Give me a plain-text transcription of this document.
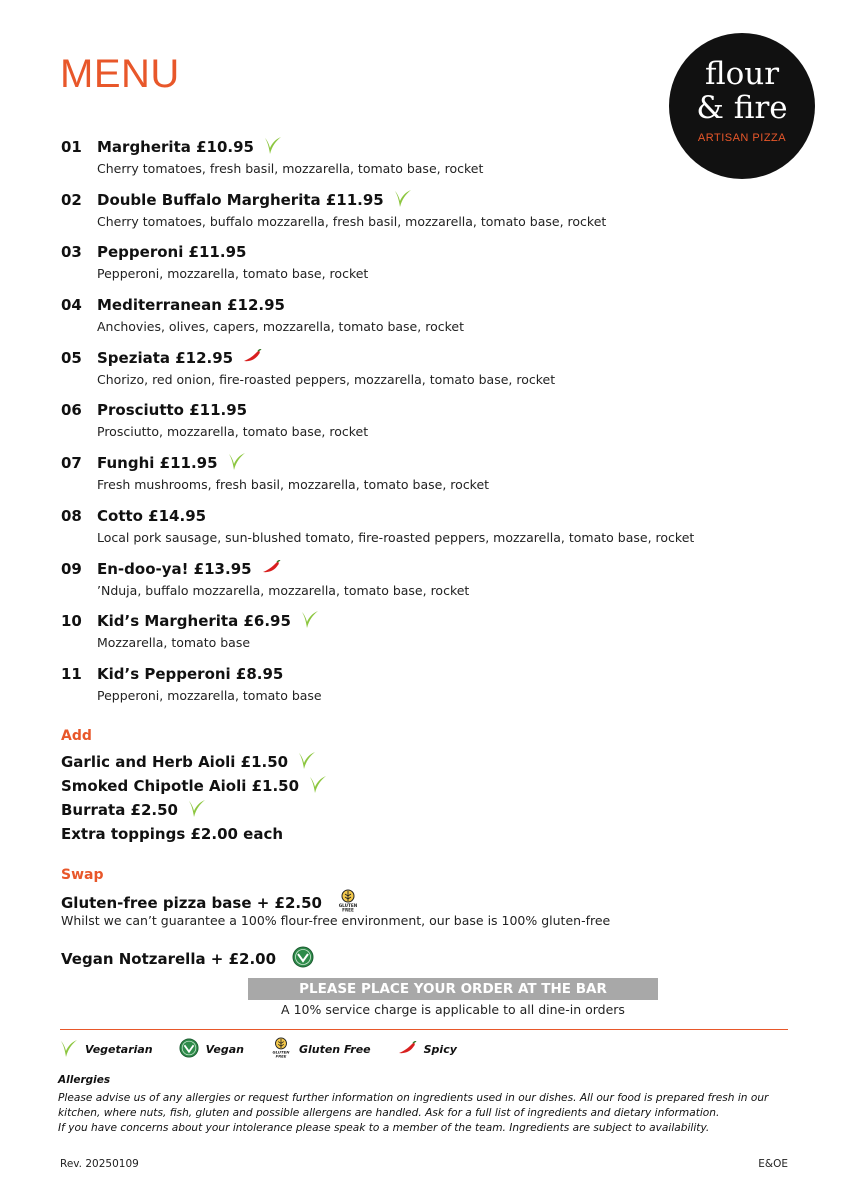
MENU	flour
& fire
ARTISAN PIZZA
01	Margherita £10.95
Cherry tomatoes, fresh basil, mozzarella, tomato base, rocket
02	Double Buffalo Margherita £11.95
Cherry tomatoes, buffalo mozzarella, fresh basil, mozzarella, tomato base, rocket
03	Pepperoni £11.95
Pepperoni, mozzarella, tomato base, rocket
04	Mediterranean £12.95
Anchovies, olives, capers, mozzarella, tomato base, rocket
05	Speziata £12.95
Chorizo, red onion, fire-roasted peppers, mozzarella, tomato base, rocket
06	Prosciutto £11.95
Prosciutto, mozzarella, tomato base, rocket
07	Funghi £11.95
Fresh mushrooms, fresh basil, mozzarella, tomato base, rocket
08	Cotto £14.95
Local pork sausage, sun-blushed tomato, fire-roasted peppers, mozzarella, tomato base, rocket
09	En-doo-ya! £13.95
’Nduja, buffalo mozzarella, mozzarella, tomato base, rocket
10	Kid’s Margherita £6.95
Mozzarella, tomato base
11	Kid’s Pepperoni £8.95
Pepperoni, mozzarella, tomato base
Add
Garlic and Herb Aioli £1.50
Smoked Chipotle Aioli £1.50
Burrata £2.50
Extra toppings £2.00 each
Swap
Gluten-free pizza base + £2.50	GLUTEN
FREE
Whilst we can’t guarantee a 100% flour-free environment, our base is 100% gluten-free
Vegan Notzarella + £2.00
PLEASE PLACE YOUR ORDER AT THE BAR
A 10% service charge is applicable to all dine-in orders
Vegetarian	Vegan	GLUTEN
FREE
Gluten Free	Spicy
Allergies
Please advise us of any allergies or request further information on ingredients used in our dishes. All our food is prepared fresh in our kitchen, where nuts, fish, gluten and possible allergens are handled. Ask for a full list of ingredients and dietary information.
If you have concerns about your intolerance please speak to a member of the team. Ingredients are subject to availability.
Rev. 20250109	E&OE
